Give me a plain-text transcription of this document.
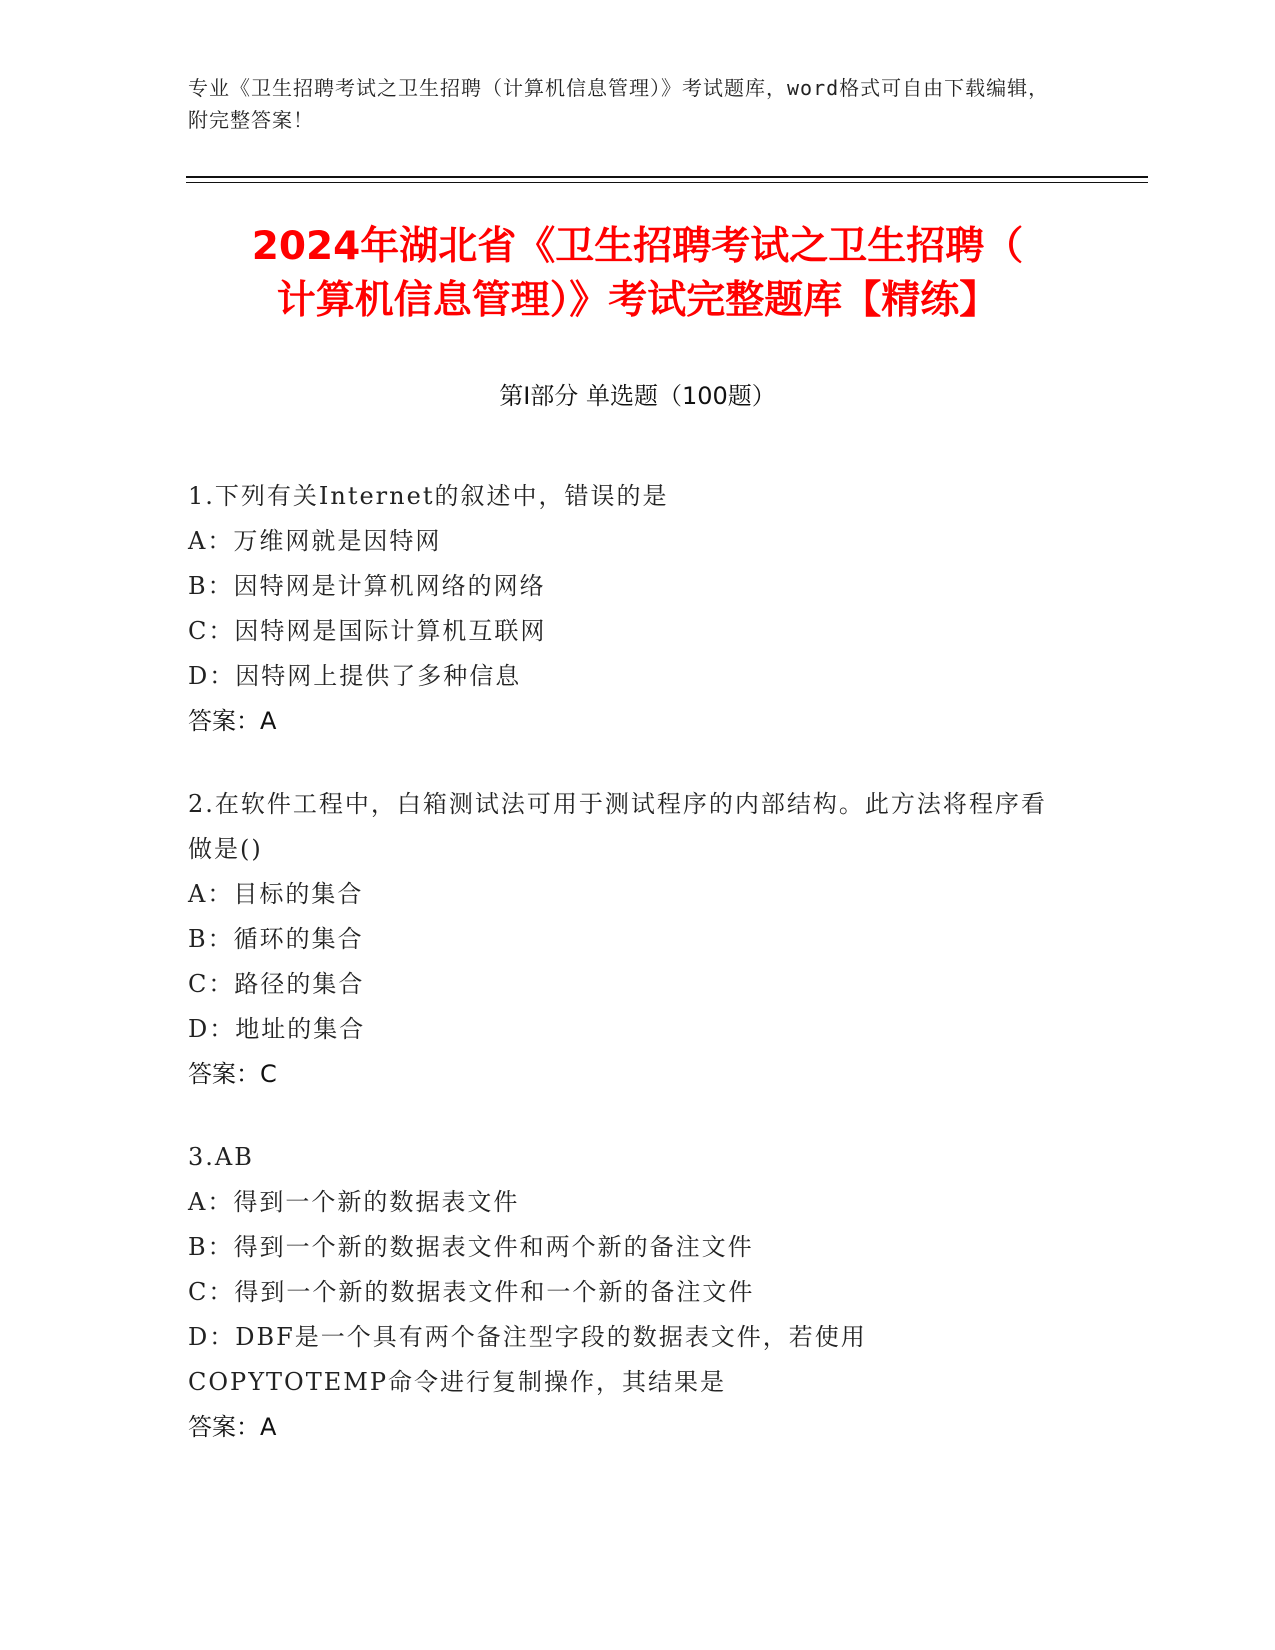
专业《卫生招聘考试之卫生招聘（计算机信息管理）》考试题库，word格式可自由下载编辑，附完整答案！
2024年湖北省《卫生招聘考试之卫生招聘（
计算机信息管理）》考试完整题库【精练】
第Ⅰ部分 单选题（100题）
1.下列有关Internet的叙述中，错误的是
A：万维网就是因特网
B：因特网是计算机网络的网络
C：因特网是国际计算机互联网
D：因特网上提供了多种信息
答案：A
2.在软件工程中，白箱测试法可用于测试程序的内部结构。此方法将程序看做是()
A：目标的集合
B：循环的集合
C：路径的集合
D：地址的集合
答案：C
3.AB
A：得到一个新的数据表文件
B：得到一个新的数据表文件和两个新的备注文件
C：得到一个新的数据表文件和一个新的备注文件
D：DBF是一个具有两个备注型字段的数据表文件，若使用COPYTOTEMP命令进行复制操作，其结果是
答案：A
